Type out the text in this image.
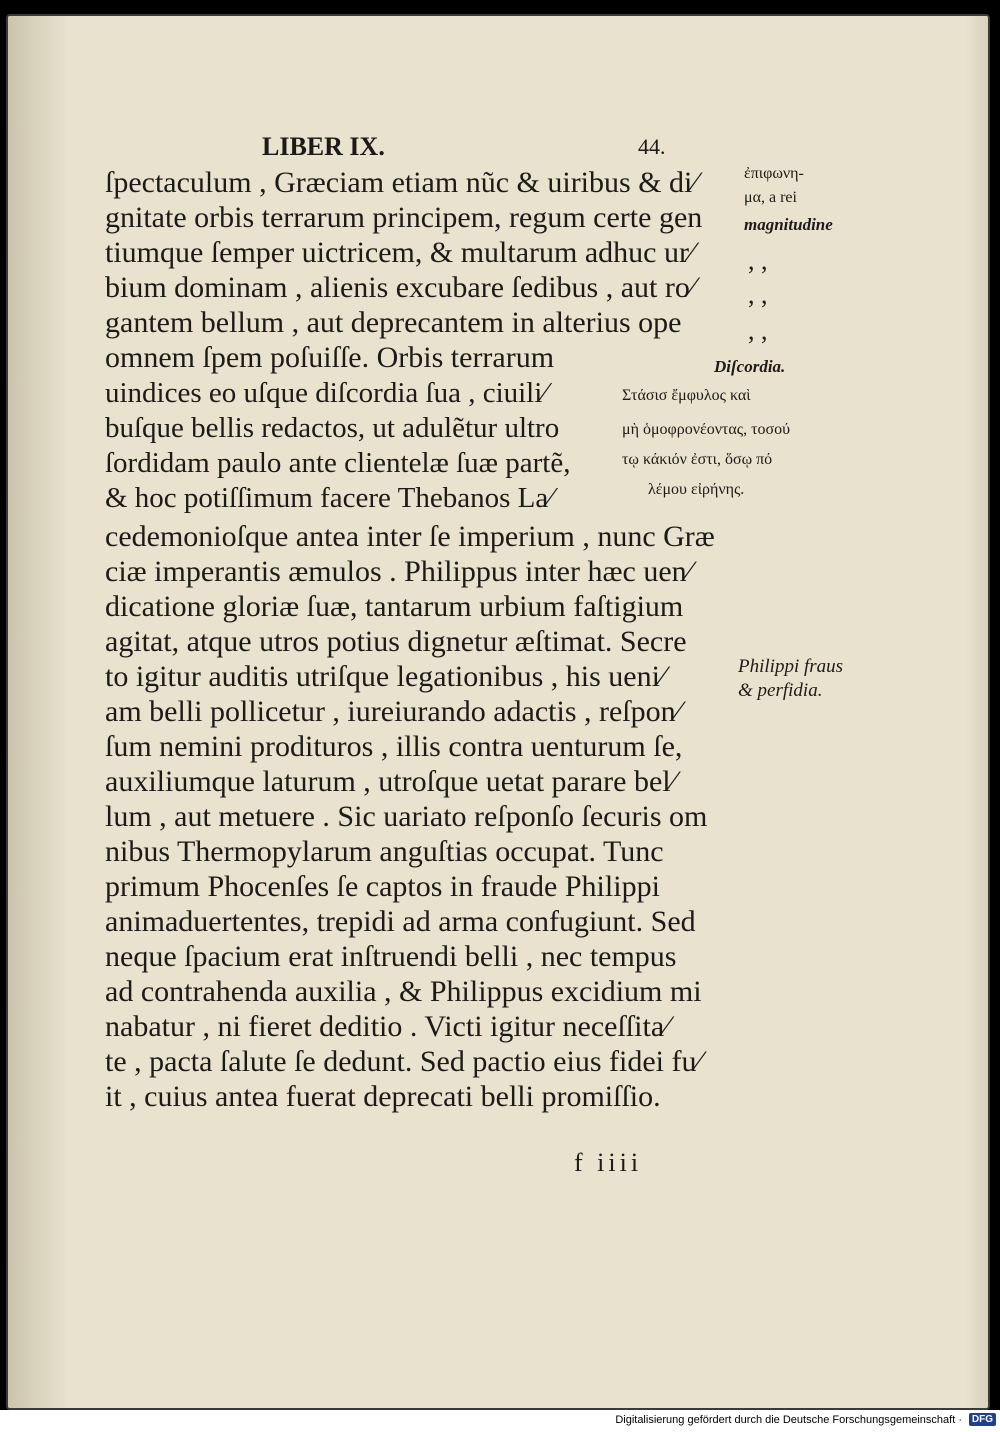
LIBER IX.	44.
ſpectaculum , Græciam etiam nũc & uiribus & di⁄
gnitate orbis terrarum principem, regum certe gen
tiumque ſemper uictricem, & multarum adhuc ur⁄
bium dominam , alienis excubare ſedibus , aut ro⁄
gantem bellum , aut deprecantem in alterius ope
omnem ſpem poſuiſſe. Orbis terrarum
uindices eo uſque diſcordia ſua , ciuili⁄
buſque bellis redactos, ut adulẽtur ultro
ſordidam paulo ante clientelæ ſuæ partẽ,
& hoc potiſſimum facere Thebanos La⁄
cedemonioſque antea inter ſe imperium , nunc Græ
ciæ imperantis æmulos . Philippus inter hæc uen⁄
dicatione gloriæ ſuæ, tantarum urbium faſtigium
agitat, atque utros potius dignetur æſtimat. Secre
to igitur auditis utriſque legationibus , his ueni⁄
am belli pollicetur , iureiurando adactis , reſpon⁄
ſum nemini prodituros , illis contra uenturum ſe,
auxiliumque laturum , utroſque uetat parare bel⁄
lum , aut metuere . Sic uariato reſponſo ſecuris om
nibus Thermopylarum anguſtias occupat. Tunc
primum Phocenſes ſe captos in fraude Philippi
animaduertentes, trepidi ad arma confugiunt. Sed
neque ſpacium erat inſtruendi belli , nec tempus
ad contrahenda auxilia , & Philippus excidium mi
nabatur , ni fieret deditio . Victi igitur neceſſita⁄
te , pacta ſalute ſe dedunt. Sed pactio eius fidei fu⁄
it , cuius antea fuerat deprecati belli promiſſio.
ἐπιφωνη‑
μα, a rei
magnitudine
, ,
, ,
, ,
Diſcordia.
Στάσισ ἔμφυλος καὶ
μὴ ὁμοφρονέοντας, τοσού
τῳ κάκιόν ἐστι, ὅσῳ πό
λέμου εἰρήνης.
Philippi fraus
& perfidia.
f iiii
Digitalisierung gefördert durch die Deutsche Forschungsgemeinschaft · DFG
